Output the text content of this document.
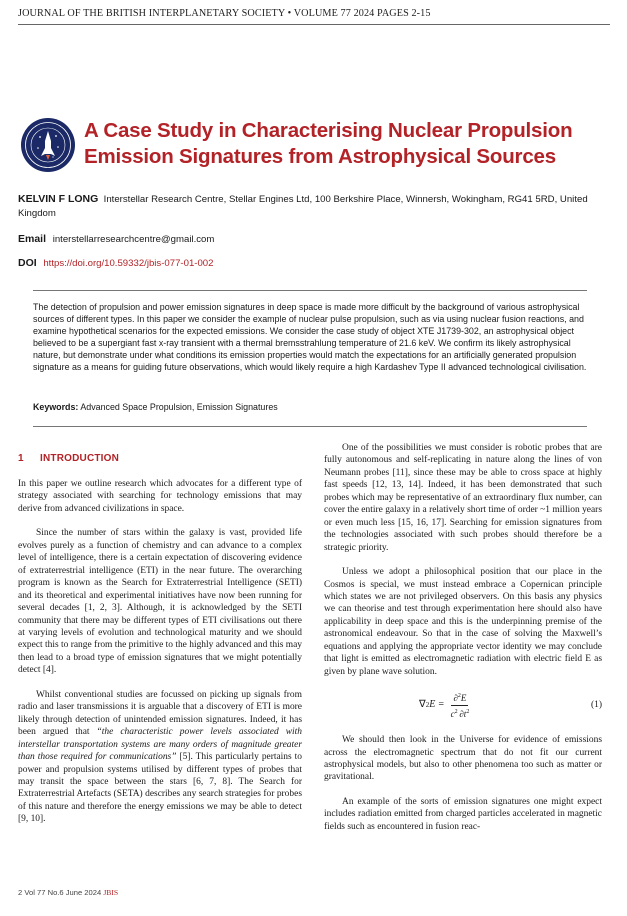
JOURNAL OF THE BRITISH INTERPLANETARY SOCIETY • VOLUME 77 2024 PAGES 2-15
A Case Study in Characterising Nuclear Propulsion
Emission Signatures from Astrophysical Sources
KELVIN F LONG Interstellar Research Centre, Stellar Engines Ltd, 100 Berkshire Place, Winnersh, Wokingham, RG41 5RD, United Kingdom
Email interstellarresearchcentre@gmail.com
DOI https://doi.org/10.59332/jbis-077-01-002
The detection of propulsion and power emission signatures in deep space is made more difficult by the background of various astrophysical sources of different types. In this paper we consider the example of nuclear pulse propulsion, such as via using nuclear fusion reactions, and examine hypothetical scenarios for the expected emissions. We consider the case study of object XTE J1739-302, an astrophysical object believed to be a supergiant fast x-ray transient with a thermal bremsstrahlung temperature of 21.6 keV. We confirm its likely astrophysical nature, but demonstrate under what conditions its emission properties would match the expectations for an artificially generated propulsion signature as a means for guiding future observations, which would likely require a high Kardashev Type II advanced technological civilisation.
Keywords: Advanced Space Propulsion, Emission Signatures
1 INTRODUCTION

In this paper we outline research which advocates for a different type of strategy associated with searching for technology emissions that may derive from advanced civilizations in space.

Since the number of stars within the galaxy is vast, provided life evolves purely as a function of chemistry and can advance to a complex level of intelligence, there is a certain expectation of discovering evidence of extraterrestrial intelligence (ETI) in the near future. The overarching program is known as the Search for Extraterrestrial Intelligence (SETI) and its theoretical and experimental initiatives have now been running for several decades [1, 2, 3]. Although, it is acknowledged by the SETI community that there may be different types of ETI civilisations out there at varying levels of evolution and technological maturity and we should expect this to range from the primitive to the highly advanced and this may then lead to a broad type of emission signatures that we might potentially detect [4].

Whilst conventional studies are focussed on picking up signals from radio and laser transmissions it is arguable that a discovery of ETI is more likely through detection of unintended emission signatures. Indeed, it has been argued that “the characteristic power levels associated with interstellar transportation systems are many orders of magnitude greater than those required for communications” [5]. This particularly pertains to power and propulsion systems utilised by different types of probes that may transit the space between the stars [6, 7, 8]. The Search for Extraterrestrial Artefacts (SETA) describes any search strategies for probes of this nature and therefore the energy emissions we may be able to detect [9, 10].

One of the possibilities we must consider is robotic probes that are fully autonomous and self-replicating in nature along the lines of von Neumann probes [11], since these may be able to cross space at highly fast speeds [12, 13, 14]. Indeed, it has been demonstrated that such probes which may be representative of an extraordinary flux number, can cover the entire galaxy in a relatively short time of order ~1 million years or even much less [15, 16, 17]. Searching for emission signatures from the technologies associated with such probes should therefore be a strategic priority.

Unless we adopt a philosophical position that our place in the Cosmos is special, we must instead embrace a Copernican principle which states we are not privileged observers. On this basis any physics we can theorise and test through experimentation here should also have applicability in deep space and this is the underpinning premise of the astronomical endeavour. So that in the case of solving the Maxwell’s equations and applying the appropriate vector identity we may conclude that light is emitted as electromagnetic radiation with electric field E as given by plane wave solution.

∇ 2 $E = \frac{\partial^2E}{c^2 \partial t^2}$	(1)

We should then look in the Universe for evidence of emissions across the electromagnetic spectrum that do not fit our current astrophysical models, but also to other phenomena too such as matter or gravitational.

An example of the sorts of emission signatures one might expect includes radiation emitted from charged particles accelerated in magnetic fields such as encountered in fusion reac-

2 Vol 77 No.6 June 2024 JBIS
